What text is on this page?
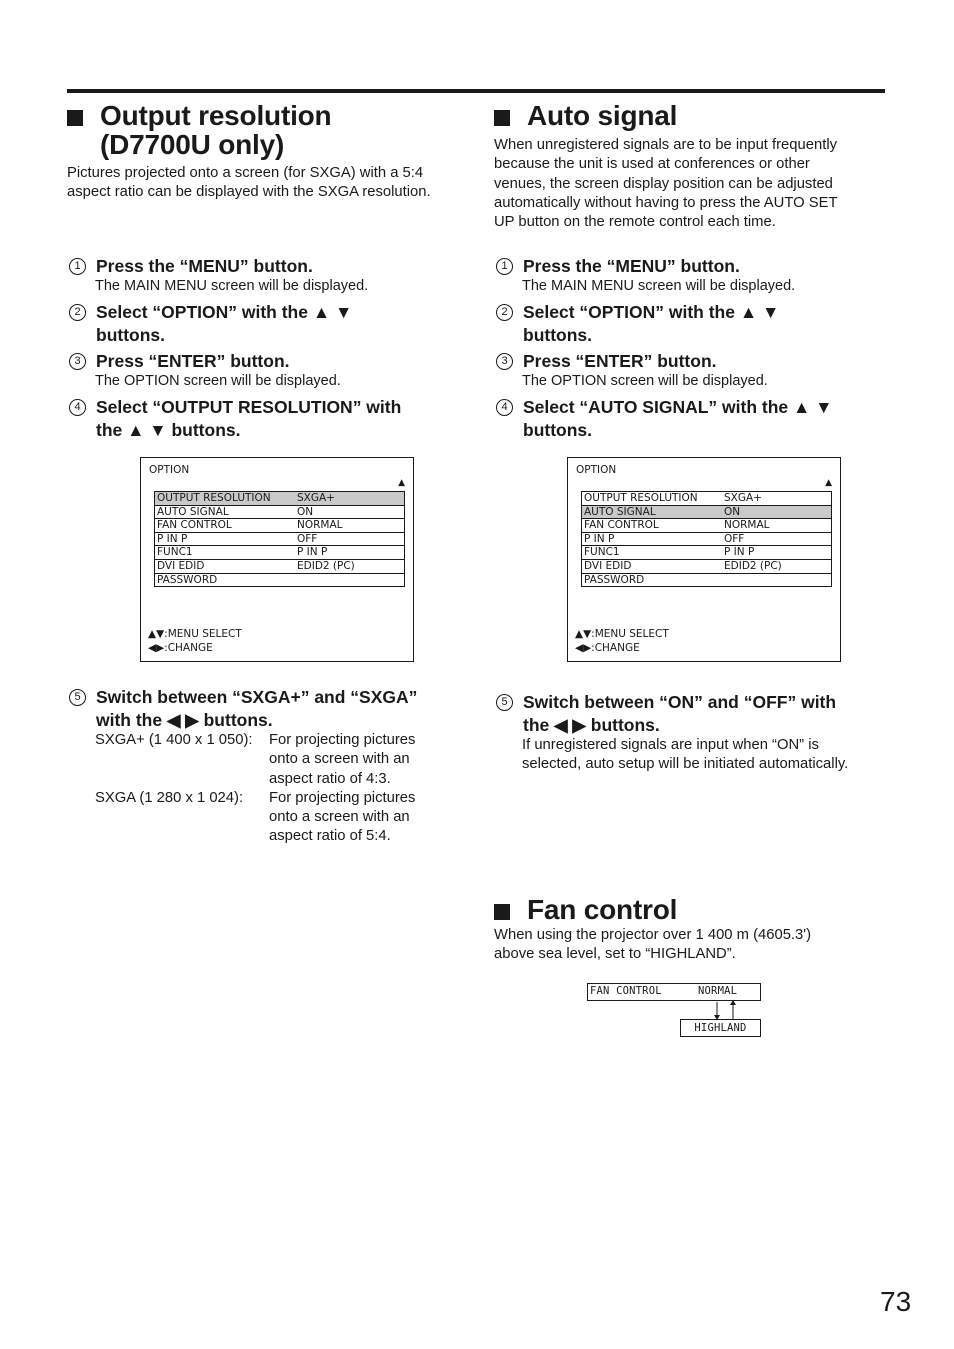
Output resolution
(D7700U only)
Pictures projected onto a screen (for SXGA) with a 5:4 aspect ratio can be displayed with the SXGA resolution.
1 Press the “MENU” button.
The MAIN MENU screen will be displayed.
2 Select “OPTION” with the ▲ ▼
buttons.
3 Press “ENTER” button.
The OPTION screen will be displayed.
4 Select “OUTPUT RESOLUTION” with
the ▲ ▼ buttons.
OPTION
▲
OUTPUT RESOLUTION	SXGA+
AUTO SIGNAL	ON
FAN CONTROL	NORMAL
P IN P	OFF
FUNC1	P IN P
DVI EDID	EDID2 (PC)
PASSWORD	
▲▼:MENU SELECT
◀▶:CHANGE
5 Switch between “SXGA+” and “SXGA”
with the ◀ ▶ buttons.
SXGA+ (1 400 x 1 050):	For projecting pictures
onto a screen with an
aspect ratio of 4:3.

SXGA (1 280 x 1 024):	For projecting pictures
onto a screen with an
aspect ratio of 5:4.
Auto signal
When unregistered signals are to be input frequently
because the unit is used at conferences or other
venues, the screen display position can be adjusted
automatically without having to press the AUTO SET
UP button on the remote control each time.
1 Press the “MENU” button.
The MAIN MENU screen will be displayed.
2 Select “OPTION” with the ▲ ▼
buttons.
3 Press “ENTER” button.
The OPTION screen will be displayed.
4 Select “AUTO SIGNAL” with the ▲ ▼
buttons.
OPTION
▲
OUTPUT RESOLUTION	SXGA+
AUTO SIGNAL	ON
FAN CONTROL	NORMAL
P IN P	OFF
FUNC1	P IN P
DVI EDID	EDID2 (PC)
PASSWORD	
▲▼:MENU SELECT
◀▶:CHANGE
5 Switch between “ON” and “OFF” with
the ◀ ▶ buttons.
If unregistered signals are input when “ON” is
selected, auto setup will be initiated automatically.
Fan control
When using the projector over 1 400 m (4605.3')
above sea level, set to “HIGHLAND”.
FAN CONTROL	NORMAL
HIGHLAND
73
